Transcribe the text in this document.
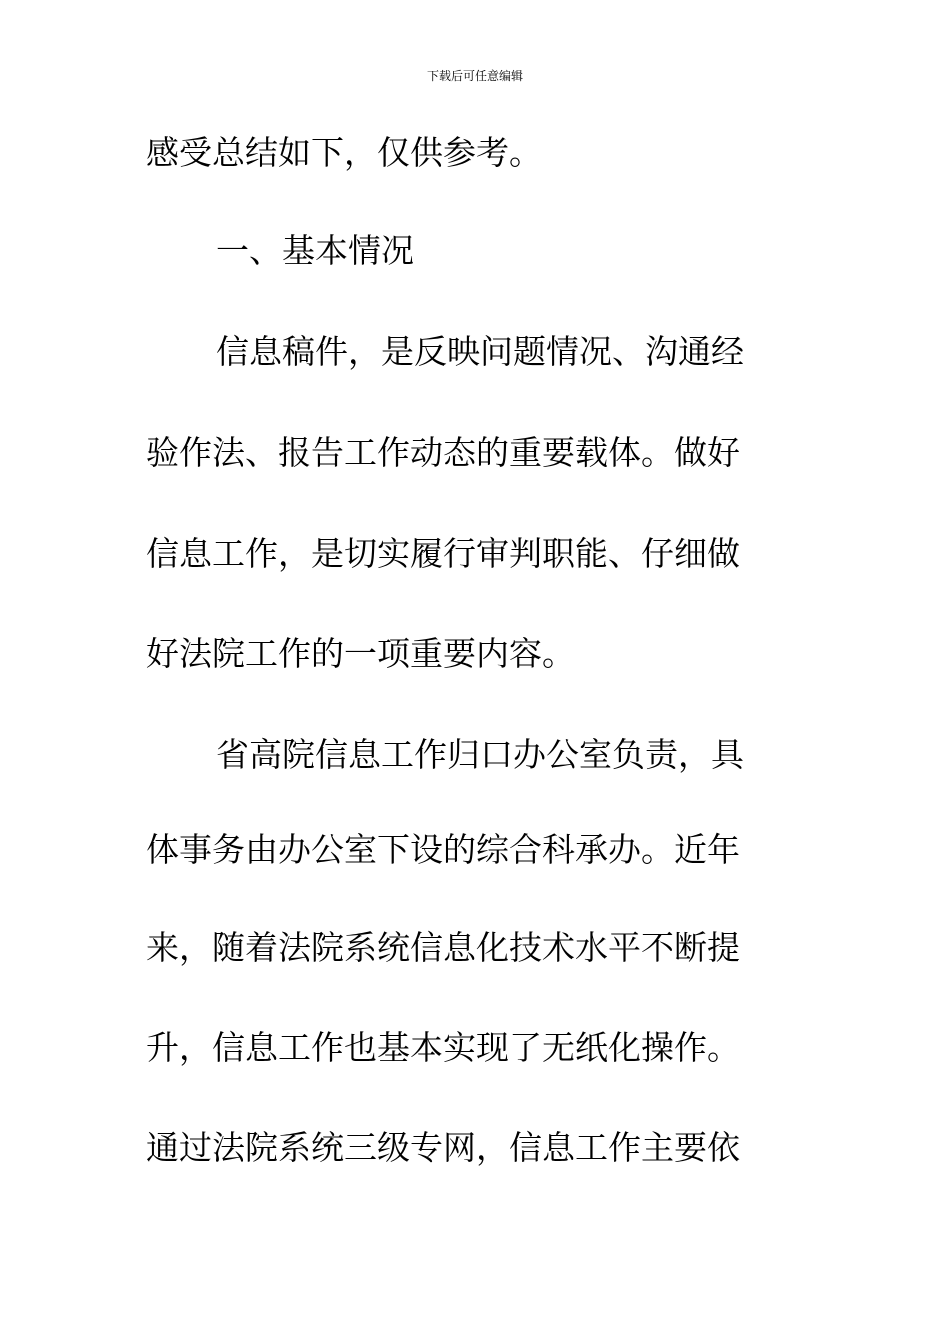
下载后可任意编辑
感受总结如下，仅供参考。
一、基本情况
信息稿件，是反映问题情况、沟通经
验作法、报告工作动态的重要载体。做好
信息工作，是切实履行审判职能、仔细做
好法院工作的一项重要内容。
省高院信息工作归口办公室负责，具
体事务由办公室下设的综合科承办。近年
来，随着法院系统信息化技术水平不断提
升，信息工作也基本实现了无纸化操作。
通过法院系统三级专网，信息工作主要依
